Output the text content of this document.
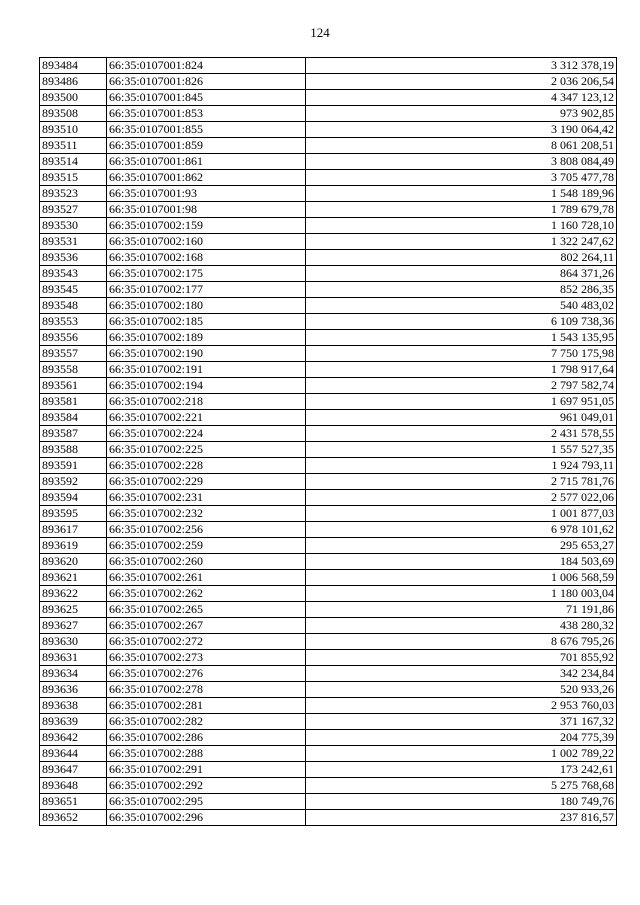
124
893484	66:35:0107001:824	3 312 378,19
893486	66:35:0107001:826	2 036 206,54
893500	66:35:0107001:845	4 347 123,12
893508	66:35:0107001:853	973 902,85
893510	66:35:0107001:855	3 190 064,42
893511	66:35:0107001:859	8 061 208,51
893514	66:35:0107001:861	3 808 084,49
893515	66:35:0107001:862	3 705 477,78
893523	66:35:0107001:93	1 548 189,96
893527	66:35:0107001:98	1 789 679,78
893530	66:35:0107002:159	1 160 728,10
893531	66:35:0107002:160	1 322 247,62
893536	66:35:0107002:168	802 264,11
893543	66:35:0107002:175	864 371,26
893545	66:35:0107002:177	852 286,35
893548	66:35:0107002:180	540 483,02
893553	66:35:0107002:185	6 109 738,36
893556	66:35:0107002:189	1 543 135,95
893557	66:35:0107002:190	7 750 175,98
893558	66:35:0107002:191	1 798 917,64
893561	66:35:0107002:194	2 797 582,74
893581	66:35:0107002:218	1 697 951,05
893584	66:35:0107002:221	961 049,01
893587	66:35:0107002:224	2 431 578,55
893588	66:35:0107002:225	1 557 527,35
893591	66:35:0107002:228	1 924 793,11
893592	66:35:0107002:229	2 715 781,76
893594	66:35:0107002:231	2 577 022,06
893595	66:35:0107002:232	1 001 877,03
893617	66:35:0107002:256	6 978 101,62
893619	66:35:0107002:259	295 653,27
893620	66:35:0107002:260	184 503,69
893621	66:35:0107002:261	1 006 568,59
893622	66:35:0107002:262	1 180 003,04
893625	66:35:0107002:265	71 191,86
893627	66:35:0107002:267	438 280,32
893630	66:35:0107002:272	8 676 795,26
893631	66:35:0107002:273	701 855,92
893634	66:35:0107002:276	342 234,84
893636	66:35:0107002:278	520 933,26
893638	66:35:0107002:281	2 953 760,03
893639	66:35:0107002:282	371 167,32
893642	66:35:0107002:286	204 775,39
893644	66:35:0107002:288	1 002 789,22
893647	66:35:0107002:291	173 242,61
893648	66:35:0107002:292	5 275 768,68
893651	66:35:0107002:295	180 749,76
893652	66:35:0107002:296	237 816,57
